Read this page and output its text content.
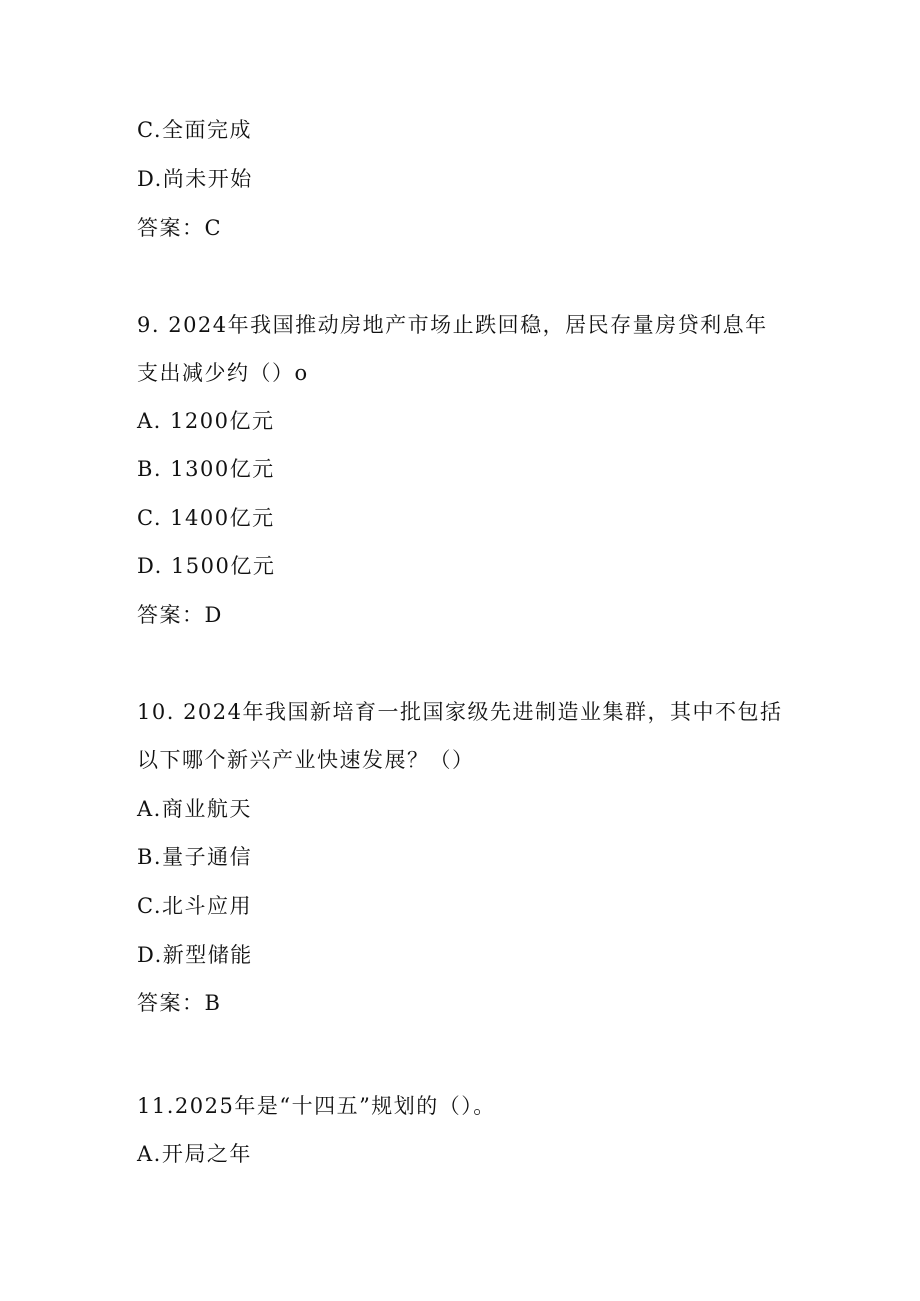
C.全面完成
D.尚未开始
答案：C
9. 2024年我国推动房地产市场止跌回稳，居民存量房贷利息年
支出减少约（）o
A. 1200亿元
B. 1300亿元
C. 1400亿元
D. 1500亿元
答案：D
10. 2024年我国新培育一批国家级先进制造业集群，其中不包括
以下哪个新兴产业快速发展？（）
A.商业航天
B.量子通信
C.北斗应用
D.新型储能
答案：B
11.2025年是“十四五”规划的（）。
A.开局之年
